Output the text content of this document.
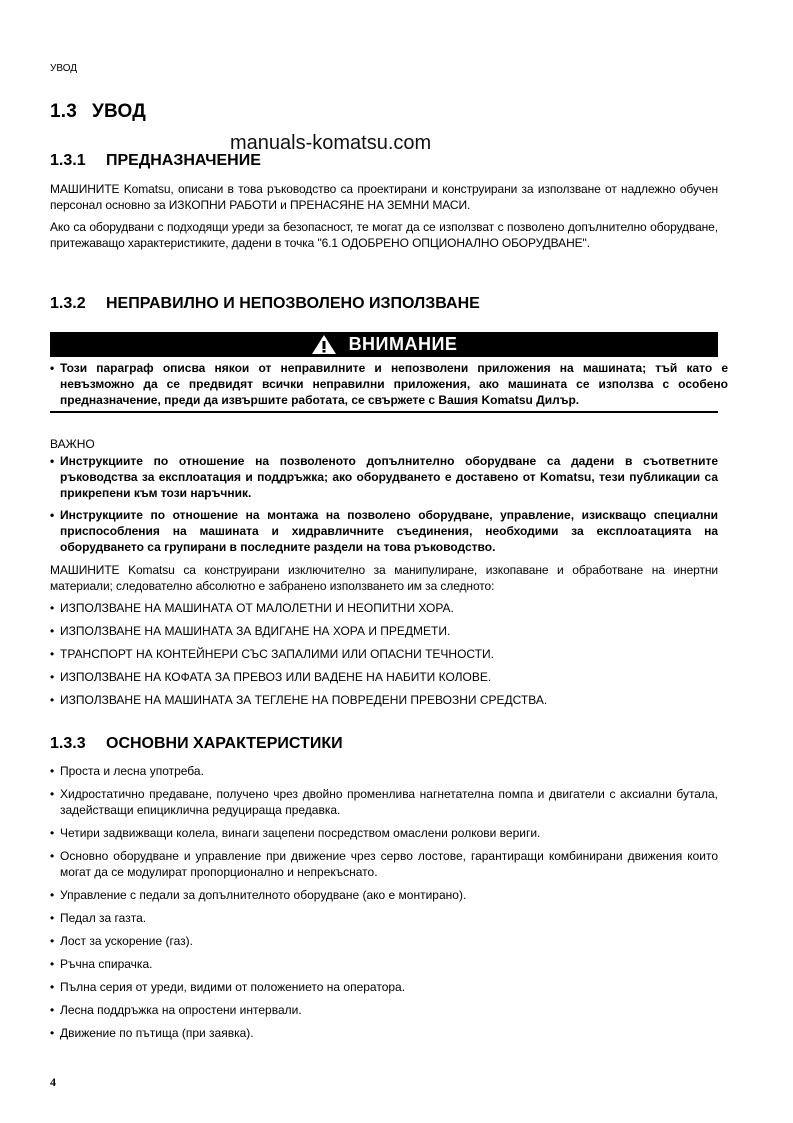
УВОД
1.3 УВОД
manuals-komatsu.com
1.3.1 ПРЕДНАЗНАЧЕНИЕ
МАШИНИТЕ Komatsu, описани в това ръководство са проектирани и конструирани за използване от надлежно обучен персонал основно за ИЗКОПНИ РАБОТИ и ПРЕНАСЯНЕ НА ЗЕМНИ МАСИ.
Ако са оборудвани с подходящи уреди за безопасност, те могат да се използват с позволено допълнително оборудване, притежаващо характеристиките, дадени в точка "6.1 ОДОБРЕНО ОПЦИОНАЛНО ОБОРУДВАНЕ".
1.3.2 НЕПРАВИЛНО И НЕПОЗВОЛЕНО ИЗПОЛЗВАНЕ
ВНИМАНИЕ
• Този параграф описва някои от неправилните и непозволени приложения на машината; тъй като е невъзможно да се предвидят всички неправилни приложения, ако машината се използва с особено предназначение, преди да извършите работата, се свържете с Вашия Komatsu Дилър.
ВАЖНО
• Инструкциите по отношение на позволеното допълнително оборудване са дадени в съответните ръководства за експлоатация и поддръжка; ако оборудването е доставено от Komatsu, тези публикации са прикрепени към този наръчник.
• Инструкциите по отношение на монтажа на позволено оборудване, управление, изискващо специални приспособления на машината и хидравличните съединения, необходими за експлоатацията на оборудването са групирани в последните раздели на това ръководство.
МАШИНИТЕ Komatsu са конструирани изключително за манипулиране, изкопаване и обработване на инертни материали; следователно абсолютно е забранено използването им за следното:
• ИЗПОЛЗВАНЕ НА МАШИНАТА ОТ МАЛОЛЕТНИ И НЕОПИТНИ ХОРА.
• ИЗПОЛЗВАНЕ НА МАШИНАТА ЗА ВДИГАНЕ НА ХОРА И ПРЕДМЕТИ.
• ТРАНСПОРТ НА КОНТЕЙНЕРИ СЪС ЗАПАЛИМИ ИЛИ ОПАСНИ ТЕЧНОСТИ.
• ИЗПОЛЗВАНЕ НА КОФАТА ЗА ПРЕВОЗ ИЛИ ВАДЕНЕ НА НАБИТИ КОЛОВЕ.
• ИЗПОЛЗВАНЕ НА МАШИНАТА ЗА ТЕГЛЕНЕ НА ПОВРЕДЕНИ ПРЕВОЗНИ СРЕДСТВА.
1.3.3 ОСНОВНИ ХАРАКТЕРИСТИКИ
• Проста и лесна употреба.
• Хидростатично предаване, получено чрез двойно променлива нагнетателна помпа и двигатели с аксиални бутала, задействащи епициклична редуцираща предавка.
• Четири задвижващи колела, винаги зацепени посредством омаслени ролкови вериги.
• Основно оборудване и управление при движение чрез серво лостове, гарантиращи комбинирани движения които могат да се модулират пропорционално и непрекъснато.
• Управление с педали за допълнителното оборудване (ако е монтирано).
• Педал за газта.
• Лост за ускорение (газ).
• Ръчна спирачка.
• Пълна серия от уреди, видими от положението на оператора.
• Лесна поддръжка на опростени интервали.
• Движение по пътища (при заявка).
4
